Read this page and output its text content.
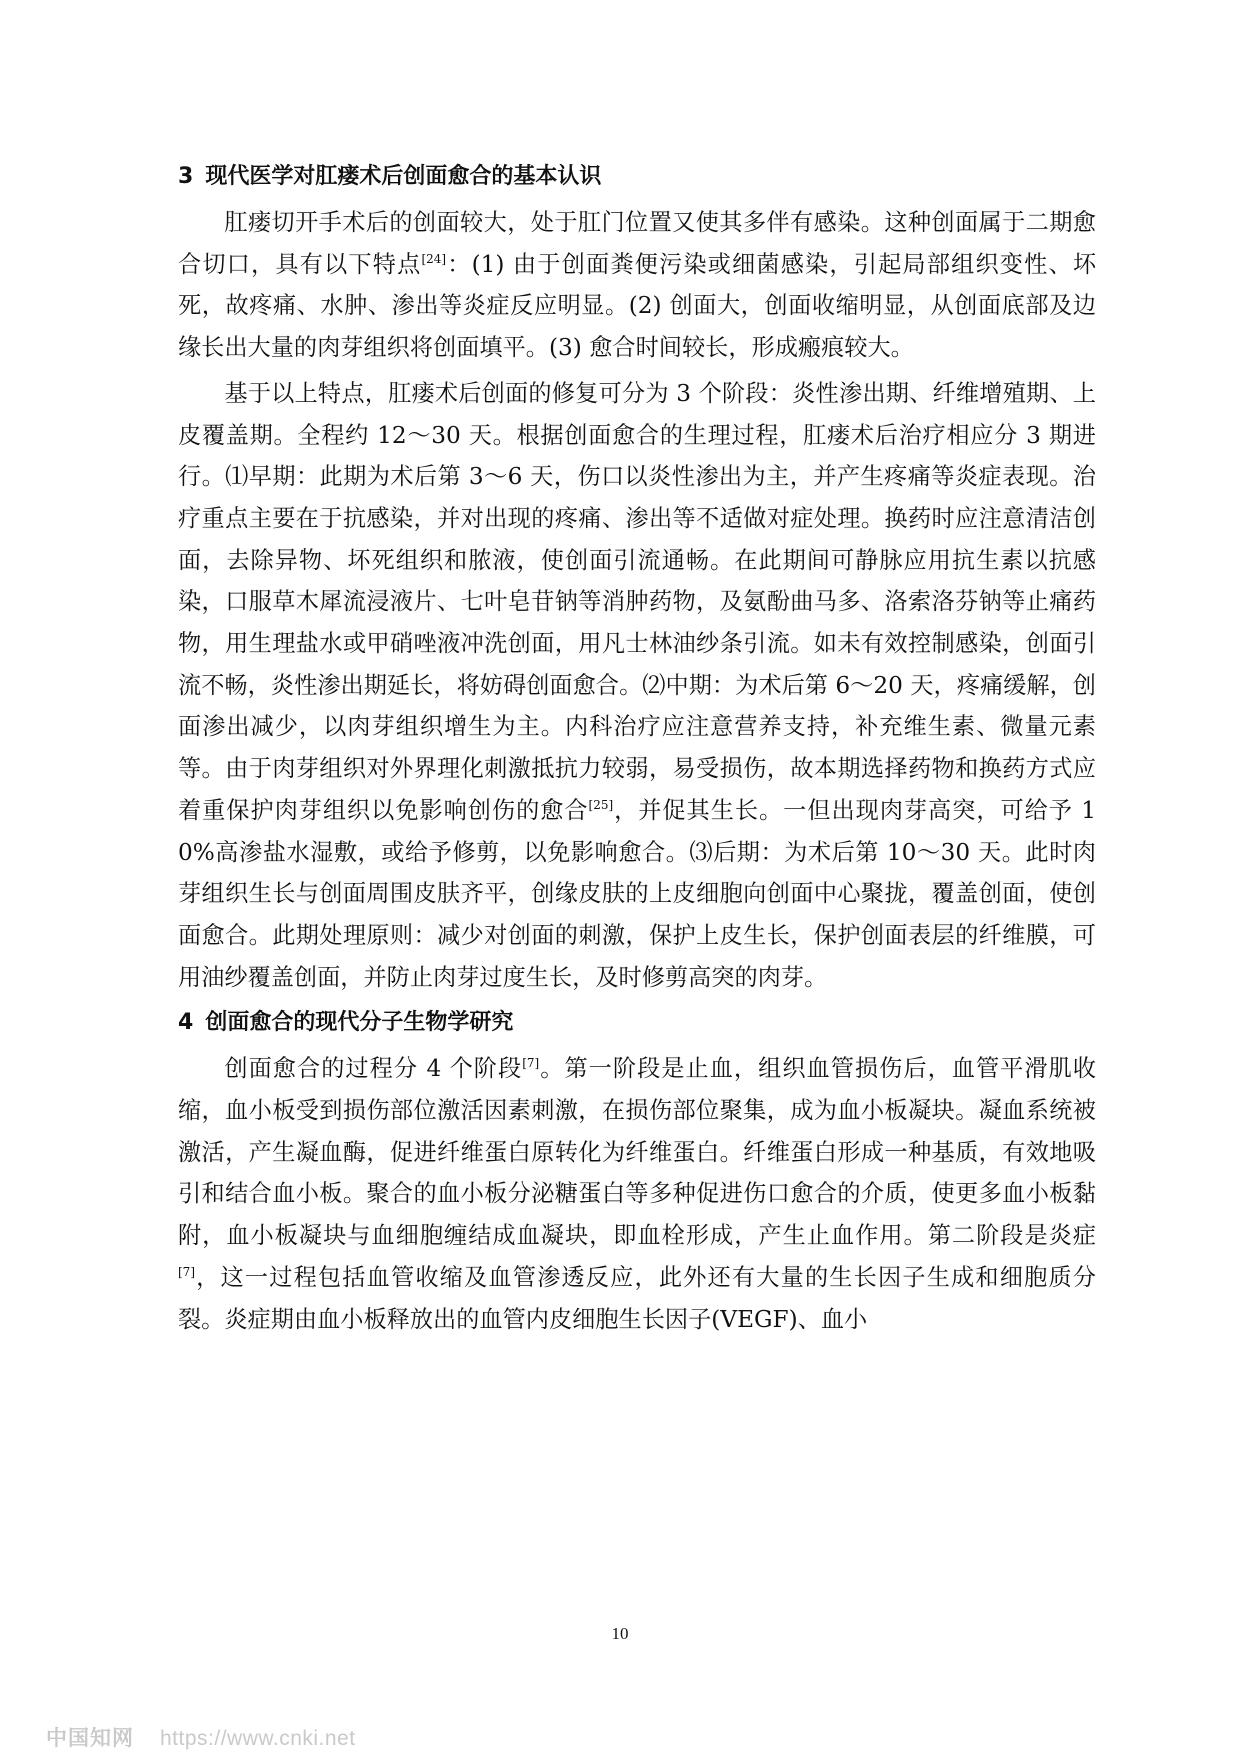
3 现代医学对肛瘘术后创面愈合的基本认识

肛瘘切开手术后的创面较大，处于肛门位置又使其多伴有感染。这种创面属于二期愈合切口，具有以下特点[24]：(1) 由于创面粪便污染或细菌感染，引起局部组织变性、坏死，故疼痛、水肿、渗出等炎症反应明显。(2) 创面大，创面收缩明显，从创面底部及边缘长出大量的肉芽组织将创面填平。(3) 愈合时间较长，形成瘢痕较大。

基于以上特点，肛瘘术后创面的修复可分为 3 个阶段：炎性渗出期、纤维增殖期、上皮覆盖期。全程约 12～30 天。根据创面愈合的生理过程，肛瘘术后治疗相应分 3 期进行。⑴早期：此期为术后第 3～6 天，伤口以炎性渗出为主，并产生疼痛等炎症表现。治疗重点主要在于抗感染，并对出现的疼痛、渗出等不适做对症处理。换药时应注意清洁创面，去除异物、坏死组织和脓液，使创面引流通畅。在此期间可静脉应用抗生素以抗感染，口服草木犀流浸液片、七叶皂苷钠等消肿药物，及氨酚曲马多、洛索洛芬钠等止痛药物，用生理盐水或甲硝唑液冲洗创面，用凡士林油纱条引流。如未有效控制感染，创面引流不畅，炎性渗出期延长，将妨碍创面愈合。⑵中期：为术后第 6～20 天，疼痛缓解，创面渗出减少，以肉芽组织增生为主。内科治疗应注意营养支持，补充维生素、微量元素等。由于肉芽组织对外界理化刺激抵抗力较弱，易受损伤，故本期选择药物和换药方式应着重保护肉芽组织以免影响创伤的愈合[25]，并促其生长。一但出现肉芽高突，可给予 10%高渗盐水湿敷，或给予修剪，以免影响愈合。⑶后期：为术后第 10～30 天。此时肉芽组织生长与创面周围皮肤齐平，创缘皮肤的上皮细胞向创面中心聚拢，覆盖创面，使创面愈合。此期处理原则：减少对创面的刺激，保护上皮生长，保护创面表层的纤维膜，可用油纱覆盖创面，并防止肉芽过度生长，及时修剪高突的肉芽。

4 创面愈合的现代分子生物学研究

创面愈合的过程分 4 个阶段[7]。第一阶段是止血，组织血管损伤后，血管平滑肌收缩，血小板受到损伤部位激活因素刺激，在损伤部位聚集，成为血小板凝块。凝血系统被激活，产生凝血酶，促进纤维蛋白原转化为纤维蛋白。纤维蛋白形成一种基质，有效地吸引和结合血小板。聚合的血小板分泌糖蛋白等多种促进伤口愈合的介质，使更多血小板黏附，血小板凝块与血细胞缠结成血凝块，即血栓形成，产生止血作用。第二阶段是炎症[7]，这一过程包括血管收缩及血管渗透反应，此外还有大量的生长因子生成和细胞质分裂。炎症期由血小板释放出的血管内皮细胞生长因子(VEGF)、血小

10
中国知网 https://www.cnki.net
